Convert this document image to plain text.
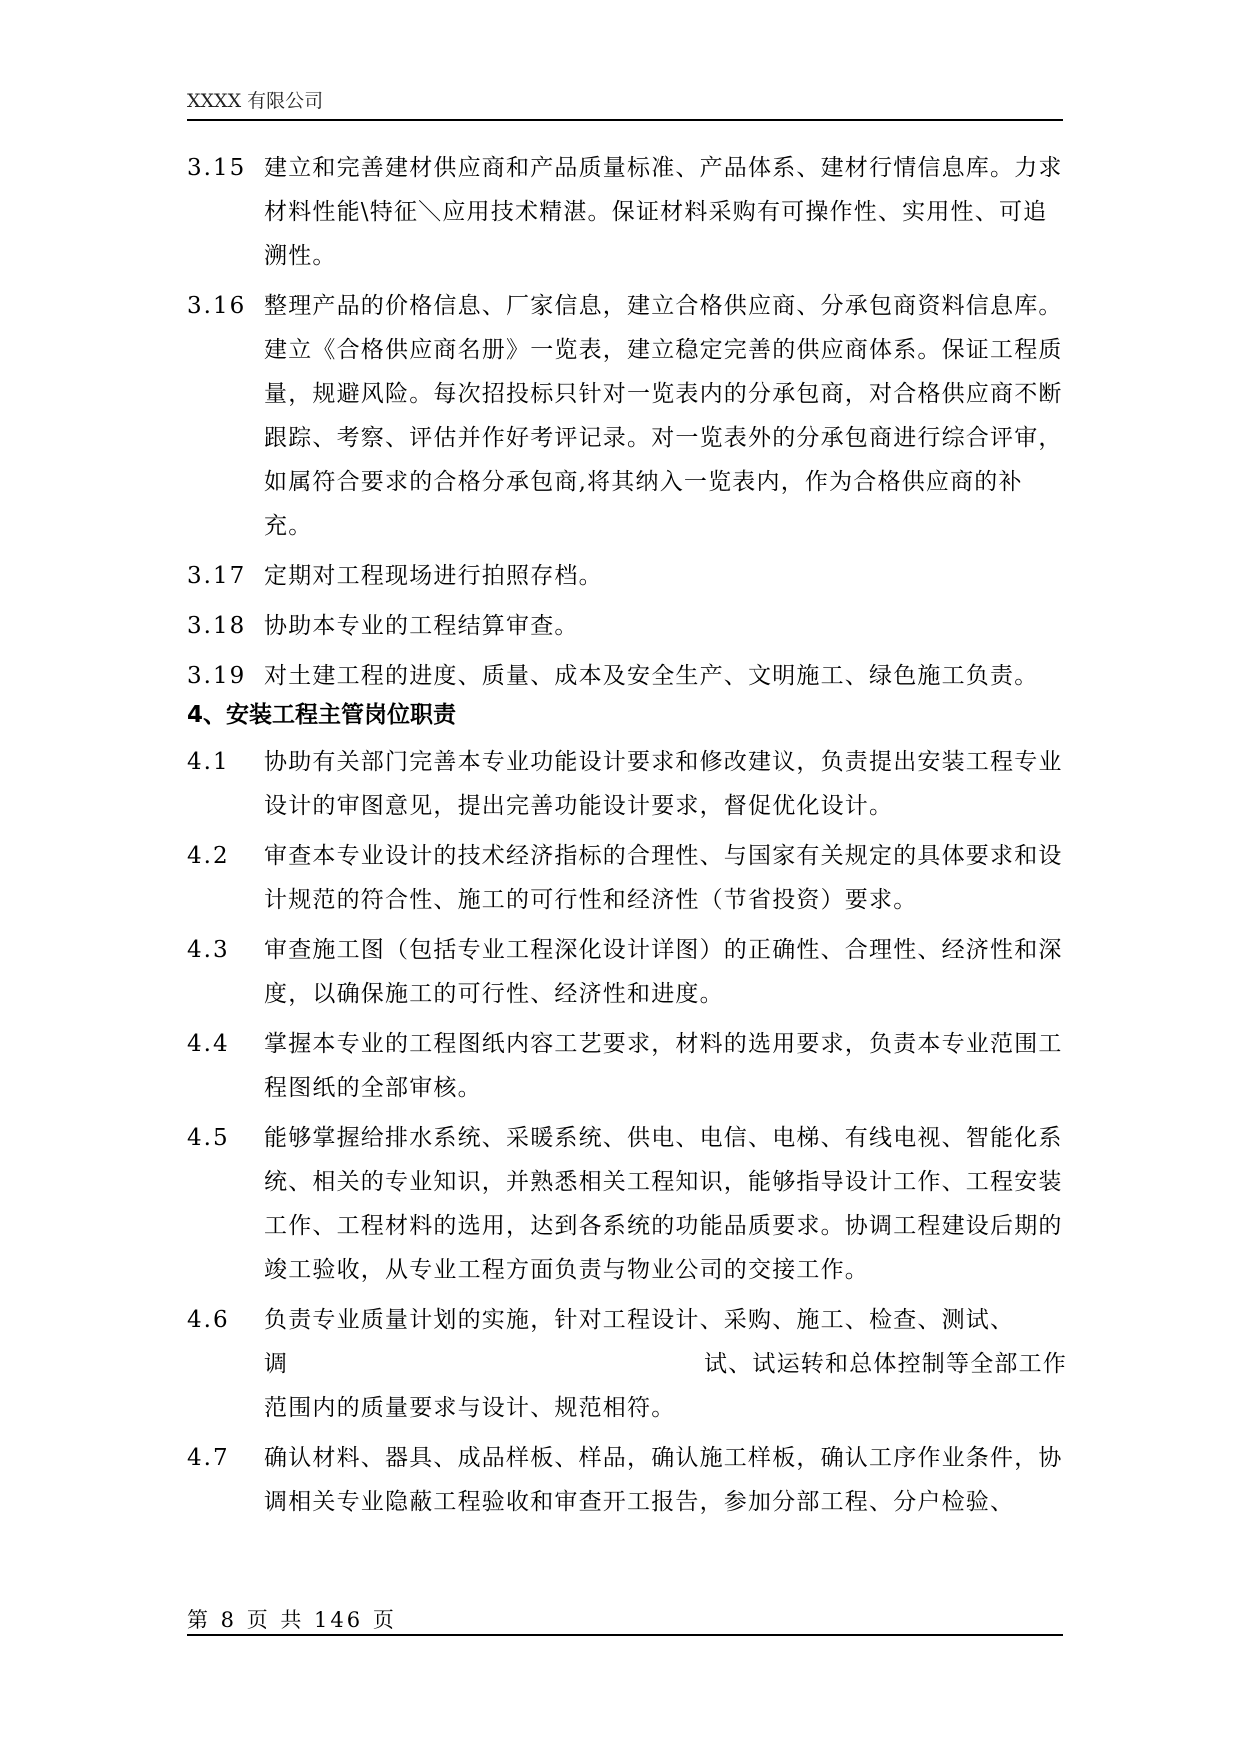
XXXX 有限公司
3.15 建立和完善建材供应商和产品质量标准、产品体系、建材行情信息库。力求材料性能\特征＼应用技术精湛。保证材料采购有可操作性、实用性、可追溯性。
3.16 整理产品的价格信息、厂家信息，建立合格供应商、分承包商资料信息库。建立《合格供应商名册》一览表，建立稳定完善的供应商体系。保证工程质量，规避风险。每次招投标只针对一览表内的分承包商，对合格供应商不断跟踪、考察、评估并作好考评记录。对一览表外的分承包商进行综合评审，如属符合要求的合格分承包商,将其纳入一览表内，作为合格供应商的补充。
3.17 定期对工程现场进行拍照存档。
3.18 协助本专业的工程结算审查。
3.19 对土建工程的进度、质量、成本及安全生产、文明施工、绿色施工负责。
4、安装工程主管岗位职责
4.1	协助有关部门完善本专业功能设计要求和修改建议，负责提出安装工程专业设计的审图意见，提出完善功能设计要求，督促优化设计。
4.2	审查本专业设计的技术经济指标的合理性、与国家有关规定的具体要求和设计规范的符合性、施工的可行性和经济性（节省投资）要求。
4.3	审查施工图（包括专业工程深化设计详图）的正确性、合理性、经济性和深度，以确保施工的可行性、经济性和进度。
4.4	掌握本专业的工程图纸内容工艺要求，材料的选用要求，负责本专业范围工程图纸的全部审核。
4.5	能够掌握给排水系统、采暖系统、供电、电信、电梯、有线电视、智能化系统、相关的专业知识，并熟悉相关工程知识，能够指导设计工作、工程安装工作、工程材料的选用，达到各系统的功能品质要求。协调工程建设后期的竣工验收，从专业工程方面负责与物业公司的交接工作。
4.6	负责专业质量计划的实施，针对工程设计、采购、施工、检查、测试、
调	试、试运转和总体控制等全部工作
范围内的质量要求与设计、规范相符。
4.7	确认材料、器具、成品样板、样品，确认施工样板，确认工序作业条件，协调相关专业隐蔽工程验收和审查开工报告，参加分部工程、分户检验、
第 8 页 共 146 页
